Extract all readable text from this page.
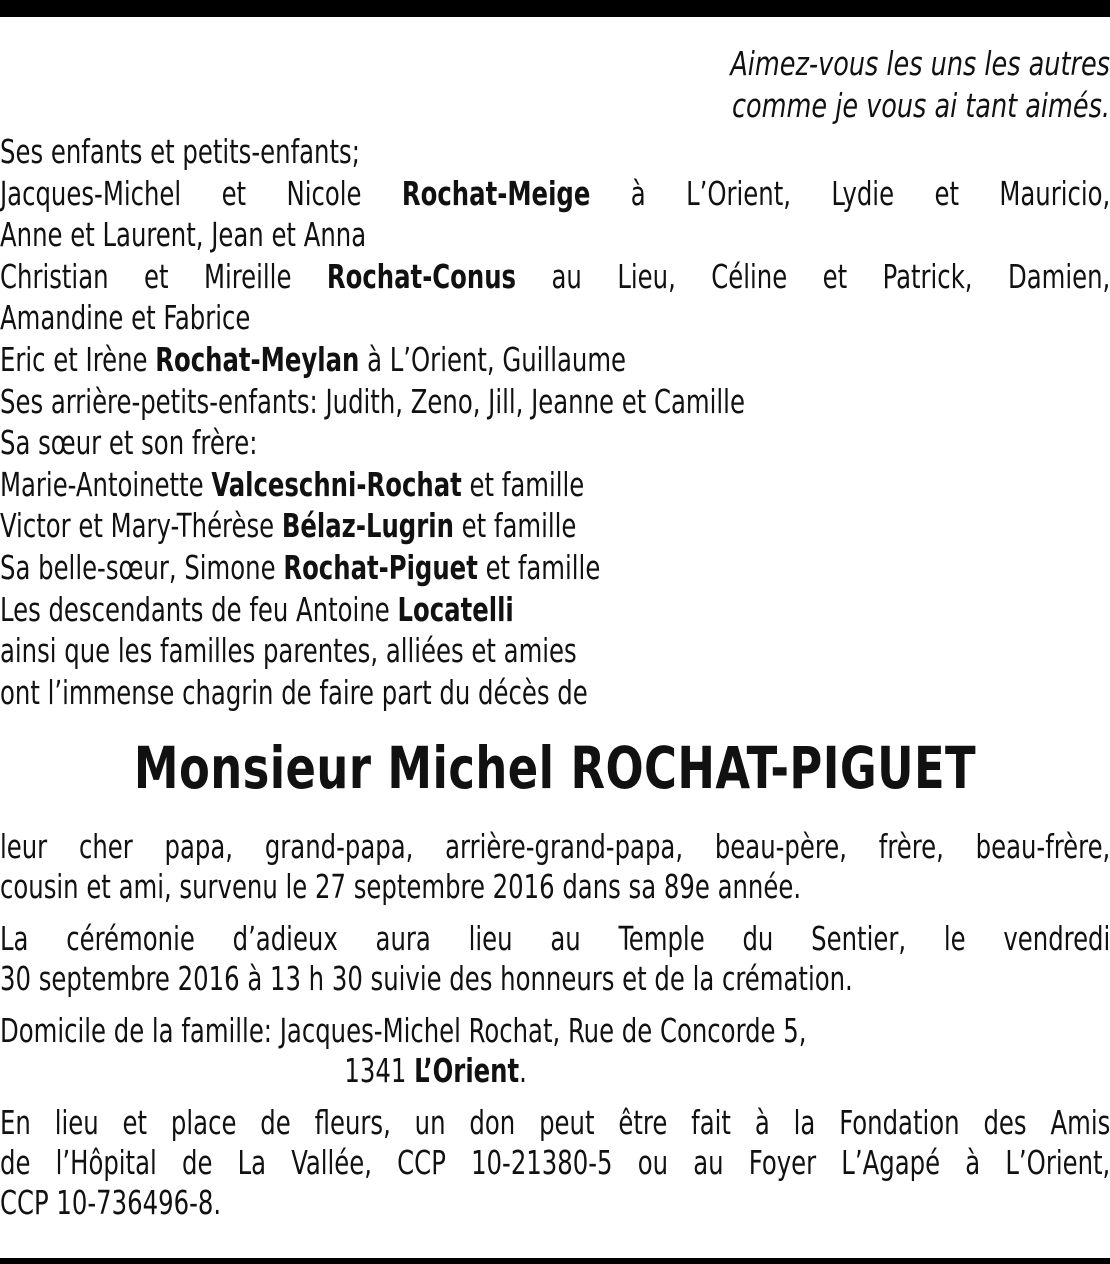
Aimez-vous les uns les autres
comme je vous ai tant aimés.
Ses enfants et petits-enfants;
Jacques-Michel et Nicole Rochat-Meige à L’Orient, Lydie et Mauricio,
Anne et Laurent, Jean et Anna
Christian et Mireille Rochat-Conus au Lieu, Céline et Patrick, Damien,
Amandine et Fabrice
Eric et Irène Rochat-Meylan à L’Orient, Guillaume
Ses arrière-petits-enfants: Judith, Zeno, Jill, Jeanne et Camille
Sa sœur et son frère:
Marie-Antoinette Valceschni-Rochat et famille
Victor et Mary-Thérèse Bélaz-Lugrin et famille
Sa belle-sœur, Simone Rochat-Piguet et famille
Les descendants de feu Antoine Locatelli
ainsi que les familles parentes, alliées et amies
ont l’immense chagrin de faire part du décès de
Monsieur Michel ROCHAT-PIGUET
leur cher papa, grand-papa, arrière-grand-papa, beau-père, frère, beau-frère,
cousin et ami, survenu le 27 septembre 2016 dans sa 89e année.
La cérémonie d’adieux aura lieu au Temple du Sentier, le vendredi
30 septembre 2016 à 13 h 30 suivie des honneurs et de la crémation.
Domicile de la famille: Jacques-Michel Rochat, Rue de Concorde 5,
1341 L’Orient.
En lieu et place de fleurs, un don peut être fait à la Fondation des Amis
de l’Hôpital de La Vallée, CCP 10-21380-5 ou au Foyer L’Agapé à L’Orient,
CCP 10-736496-8.
